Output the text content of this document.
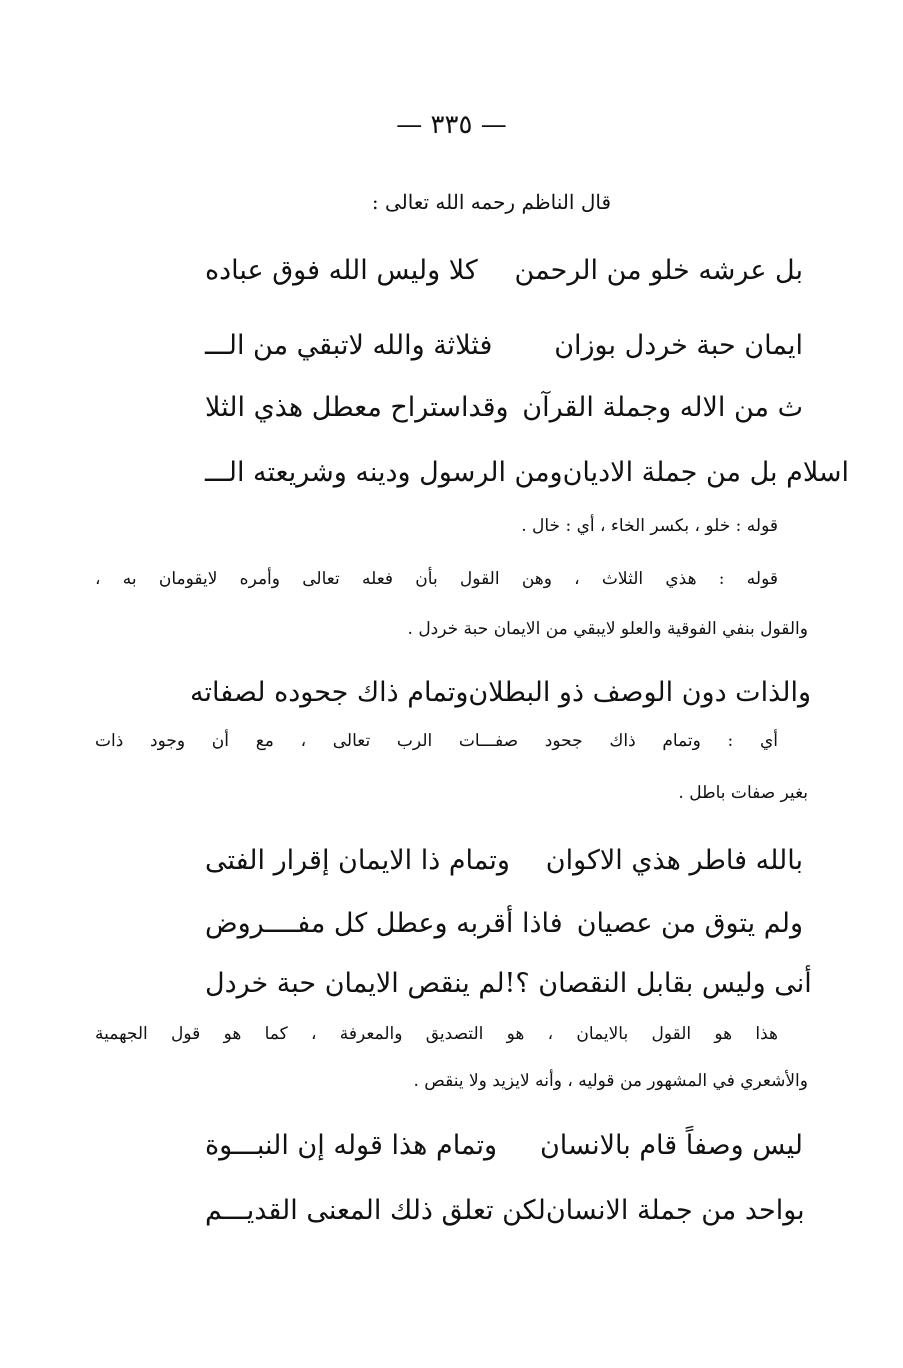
— ٣٣٥ —
قال الناظم رحمه الله تعالى :
كلا وليس الله فوق عباده بل عرشه خلو من الرحمن
فثلاثة والله لاتبقي من الـــ ايمان حبة خردل بوزان
وقداستراح معطل هذي الثلا ث من الاله وجملة القرآن
ومن الرسول ودينه وشريعته الـــ اسلام بل من جملة الاديان
قوله : خلو ، بكسر الخاء ، أي : خال .
قوله : هذي الثلاث ، وهن القول بأن فعله تعالى وأمره لايقومان به ،
والقول بنفي الفوقية والعلو لايبقي من الايمان حبة خردل .
وتمام ذاك جحوده لصفاته والذات دون الوصف ذو البطلان
أي : وتمام ذاك جحود صفـــات الرب تعالى ، مع أن وجود ذات
بغير صفات باطل .
وتمام ذا الايمان إقرار الفتى بالله فاطر هذي الاكوان
فاذا أقربه وعطل كل مفــــروض ولم يتوق من عصيان
لم ينقص الايمان حبة خردل أنى وليس بقابل النقصان ؟!
هذا هو القول بالايمان ، هو التصديق والمعرفة ، كما هو قول الجهمية
والأشعري في المشهور من قوليه ، وأنه لايزيد ولا ينقص .
وتمام هذا قوله إن النبـــوة ليس وصفاً قام بالانسان
لكن تعلق ذلك المعنى القديـــم بواحد من جملة الانسان
